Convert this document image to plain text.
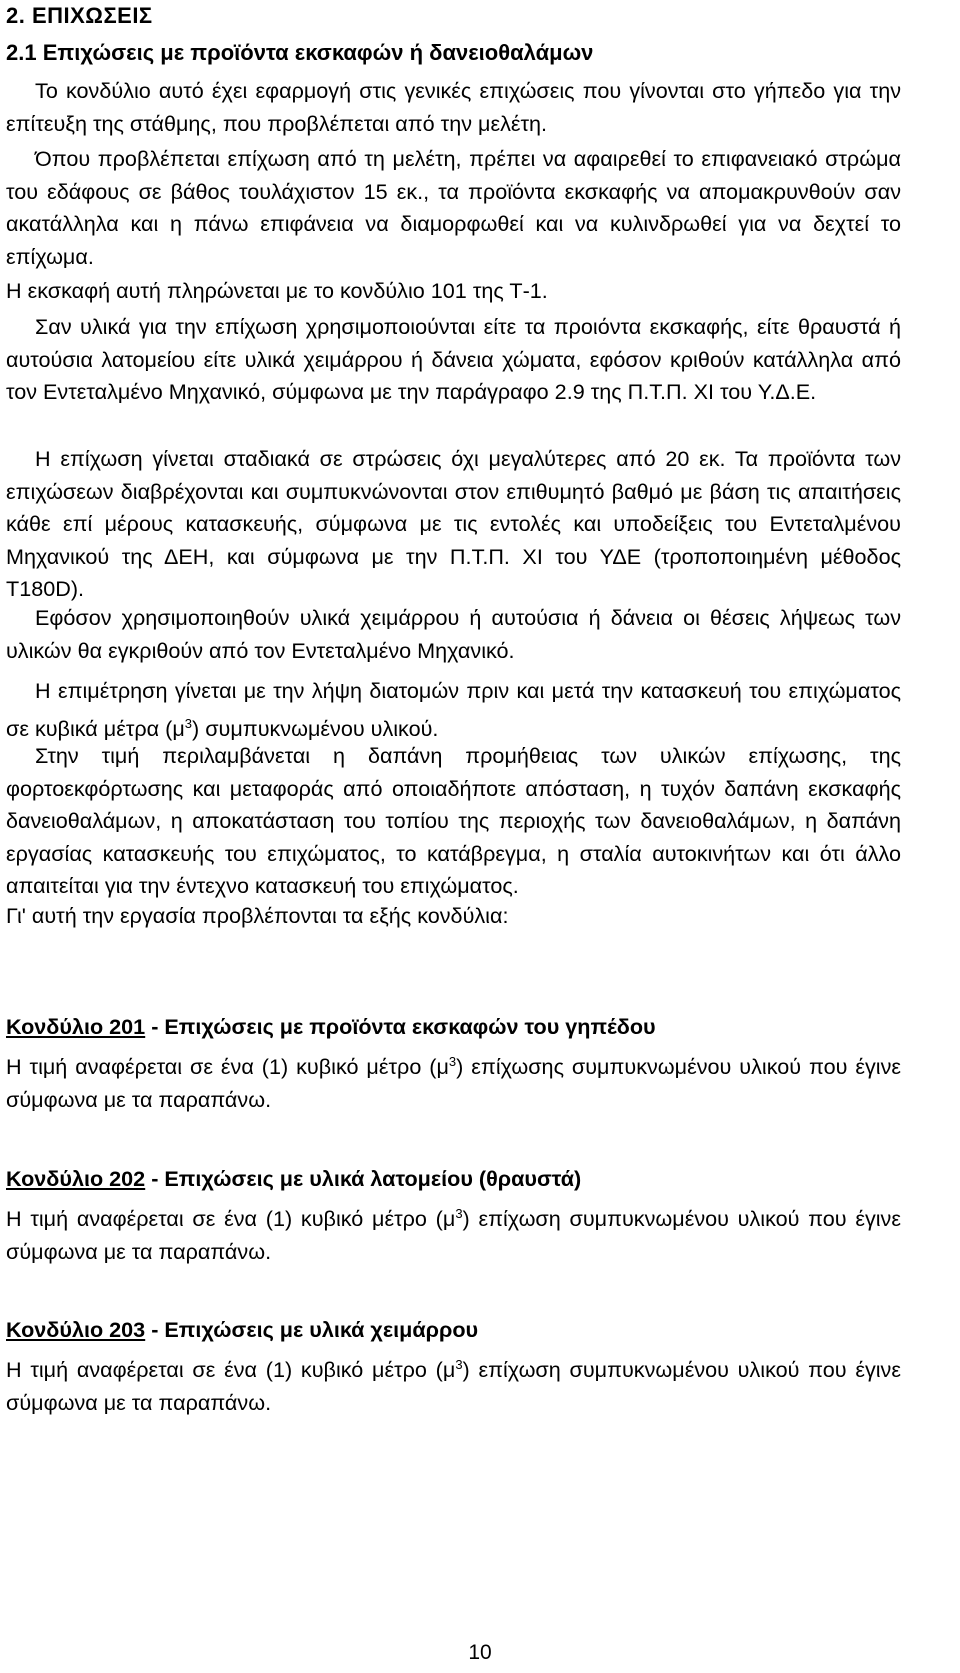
2. ΕΠΙΧΩΣΕΙΣ
2.1 Επιχώσεις με προϊόντα εκσκαφών ή δανειοθαλάμων

Το κονδύλιο αυτό έχει εφαρμογή στις γενικές επιχώσεις που γίνονται στο γήπεδο για την επίτευξη της στάθμης, που προβλέπεται από την μελέτη.

Όπου προβλέπεται επίχωση από τη μελέτη, πρέπει να αφαιρεθεί το επιφανειακό στρώμα του εδάφους σε βάθος τουλάχιστον 15 εκ., τα προϊόντα εκσκαφής να απομακρυνθούν σαν ακατάλληλα και η πάνω επιφάνεια να διαμορφωθεί και να κυλινδρωθεί για να δεχτεί το επίχωμα.

Η εκσκαφή αυτή πληρώνεται με το κονδύλιο 101 της Τ-1.

Σαν υλικά για την επίχωση χρησιμοποιούνται είτε τα προιόντα εκσκαφής, είτε θραυστά ή αυτούσια λατομείου είτε υλικά χειμάρρου ή δάνεια χώματα, εφόσον κριθούν κατάλληλα από τον Εντεταλμένο Μηχανικό, σύμφωνα με την παράγραφο 2.9 της Π.Τ.Π. ΧΙ του Υ.Δ.Ε.

Η επίχωση γίνεται σταδιακά σε στρώσεις όχι μεγαλύτερες από 20 εκ. Τα προϊόντα των επιχώσεων διαβρέχονται και συμπυκνώνονται στον επιθυμητό βαθμό με βάση τις απαιτήσεις κάθε επί μέρους κατασκευής, σύμφωνα με τις εντολές και υποδείξεις του Εντεταλμένου Μηχανικού της ΔΕΗ, και σύμφωνα με την Π.Τ.Π. ΧΙ του ΥΔΕ (τροποποιημένη μέθοδος Τ180D).

Εφόσον χρησιμοποιηθούν υλικά χειμάρρου ή αυτούσια ή δάνεια οι θέσεις λήψεως των υλικών θα εγκριθούν από τον Εντεταλμένο Μηχανικό.

Η επιμέτρηση γίνεται με την λήψη διατομών πριν και μετά την κατασκευή του επιχώματος σε κυβικά μέτρα $(\mu^3)$ συμπυκνωμένου υλικού.

Στην τιμή περιλαμβάνεται η δαπάνη προμήθειας των υλικών επίχωσης, της φορτοεκφόρτωσης και μεταφοράς από οποιαδήποτε απόσταση, η τυχόν δαπάνη εκσκαφής δανειοθαλάμων, η αποκατάσταση του τοπίου της περιοχής των δανειοθαλάμων, η δαπάνη εργασίας κατασκευής του επιχώματος, το κατάβρεγμα, η σταλία αυτοκινήτων και ότι άλλο απαιτείται για την έντεχνο κατασκευή του επιχώματος.

Γι' αυτή την εργασία προβλέπονται τα εξής κονδύλια:

Κονδύλιο 201 - Επιχώσεις με προϊόντα εκσκαφών του γηπέδου

Η τιμή αναφέρεται σε ένα (1) κυβικό μέτρο $(\mu^3)$ επίχωσης συμπυκνωμένου υλικού που έγινε σύμφωνα με τα παραπάνω.

Κονδύλιο 202 - Επιχώσεις με υλικά λατομείου (θραυστά)

Η τιμή αναφέρεται σε ένα (1) κυβικό μέτρο $(\mu^3)$ επίχωση συμπυκνωμένου υλικού που έγινε σύμφωνα με τα παραπάνω.

Κονδύλιο 203 - Επιχώσεις με υλικά χειμάρρου

Η τιμή αναφέρεται σε ένα (1) κυβικό μέτρο $(\mu^3)$ επίχωση συμπυκνωμένου υλικού που έγινε σύμφωνα με τα παραπάνω.

10
